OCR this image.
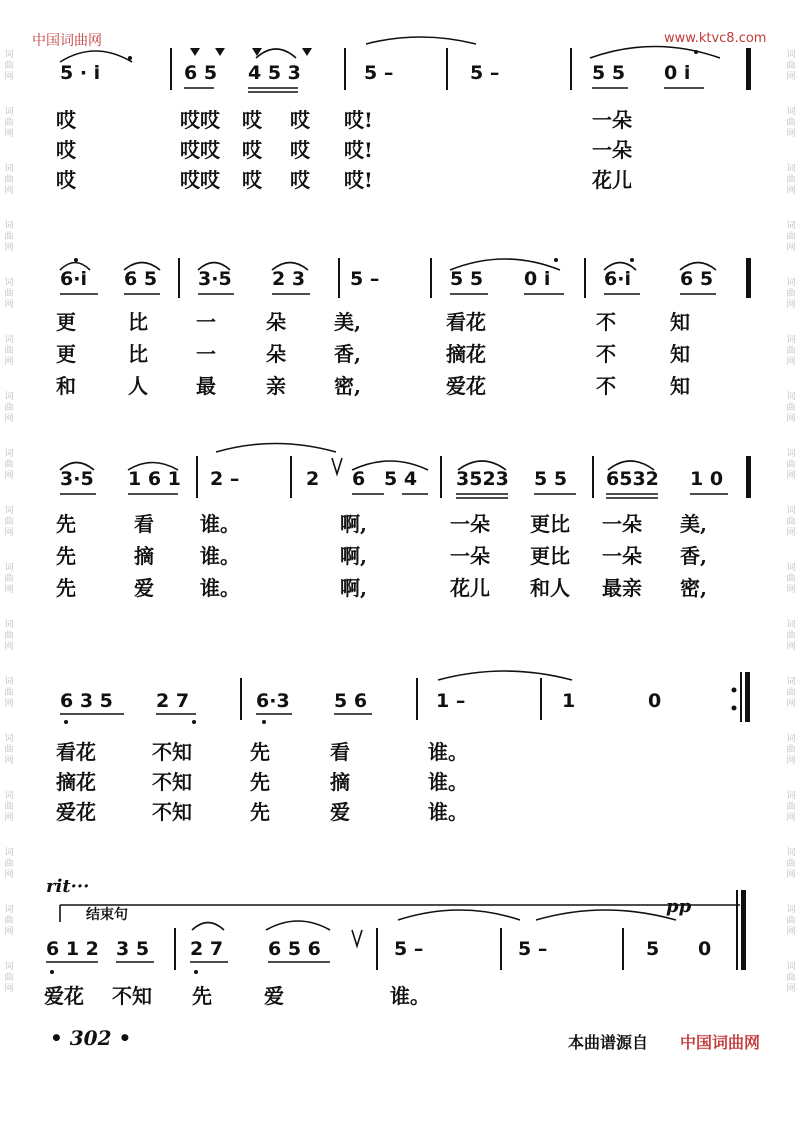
中国词曲网	www.ktvc8.com
词
曲
网
词
曲
网
词
曲
网
词
曲
网
词
曲
网
词
曲
网
词
曲
网
词
曲
网
词
曲
网
词
曲
网
词
曲
网
词
曲
网
词
曲
网
词
曲
网
词
曲
网
词
曲
网
词
曲
网
词
曲
网
词
曲
网
词
曲
网
词
曲
网
词
曲
网
词
曲
网
词
曲
网
词
曲
网
词
曲
网
词
曲
网
词
曲
网
词
曲
网
词
曲
网
词
曲
网
词
曲
网
词
曲
网
词
曲
网
5 · i	6 5 4 5 3	5 –	5 –	5 5 0 i
哎	哎哎 哎 哎 哎!	一朵
哎	哎哎 哎 哎 哎!	一朵
哎	哎哎 哎 哎 哎!	花儿
6·i 6 5 3·5 2 3 5 –	5 5 0 i	6·i	6 5
更	比 一	朵 美,	看花	不	知
更	比 一	朵 香,	摘花	不	知
和	人 最	亲 密,	爱花	不	知
3·5 1 6 1 2 –	2 6 5 4 3523 5 5 6532 1 0
先	看 谁。	啊,	一朵 更比 一朵 美,
先	摘 谁。	啊,	一朵 更比 一朵 香,
先	爱 谁。	啊,	花儿 和人 最亲 密,
6 3 5 2 7	6·3 5 6	1 –	1	0
看花	不知	先	看	谁。
摘花	不知	先	摘	谁。
爱花	不知	先	爱	谁。
rit···
结束句	pp
6 1 2 3 5 2 7 6 5 6	5 –	5 –	5 0
爱花 不知 先	爱	谁。
• 302 •	本曲谱源自 中国词曲网
